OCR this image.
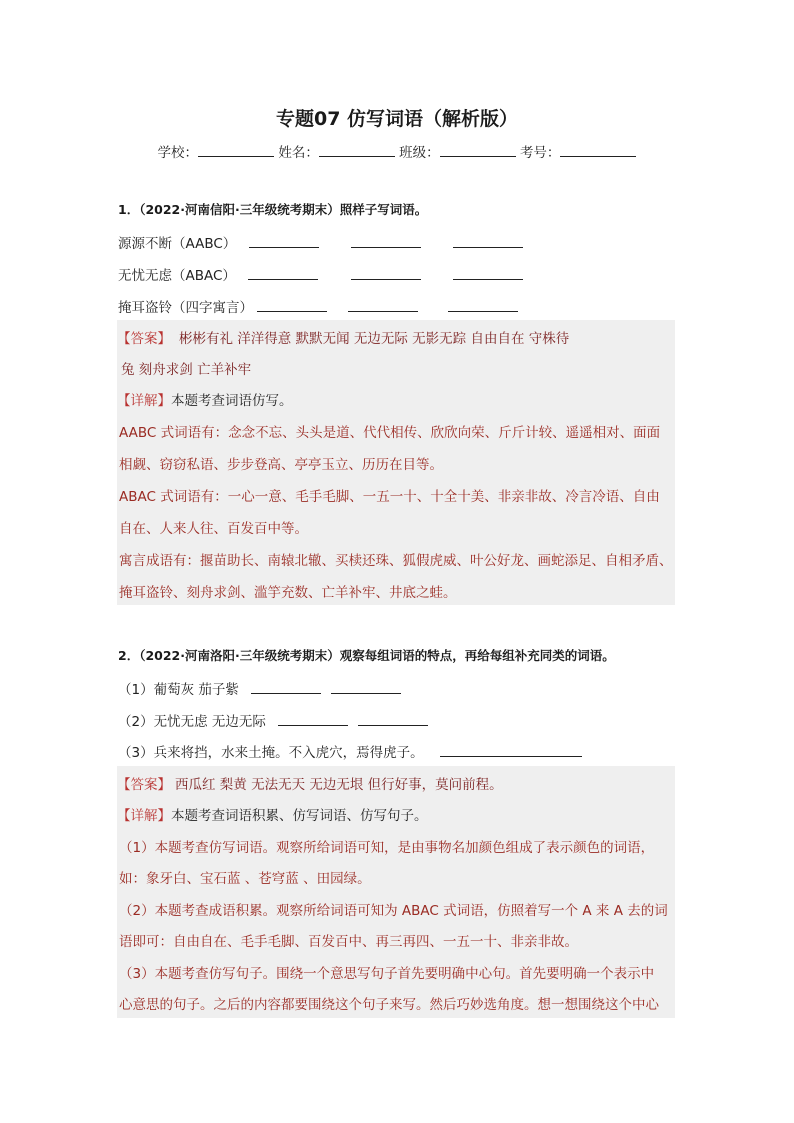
专题07 仿写词语（解析版）
学校：	姓名：	班级：	考号：
1．（2022·河南信阳·三年级统考期末）照样子写词语。
源源不断（AABC）
无忧无虑（ABAC）
掩耳盗铃（四字寓言）
【答案】 彬彬有礼 洋洋得意 默默无闻 无边无际 无影无踪 自由自在 守株待
兔 刻舟求剑 亡羊补牢
【详解】本题考查词语仿写。
AABC 式词语有：念念不忘、头头是道、代代相传、欣欣向荣、斤斤计较、遥遥相对、面面
相觑、窃窃私语、步步登高、亭亭玉立、历历在目等。
ABAC 式词语有：一心一意、毛手毛脚、一五一十、十全十美、非亲非故、冷言冷语、自由
自在、人来人往、百发百中等。
寓言成语有：揠苗助长、南辕北辙、买椟还珠、狐假虎威、叶公好龙、画蛇添足、自相矛盾、
掩耳盗铃、刻舟求剑、滥竽充数、亡羊补牢、井底之蛙。
2．（2022·河南洛阳·三年级统考期末）观察每组词语的特点，再给每组补充同类的词语。
（1）葡萄灰 茄子紫
（2）无忧无虑 无边无际
（3）兵来将挡，水来土掩。不入虎穴，焉得虎子。
【答案】 西瓜红 梨黄 无法无天 无边无垠 但行好事，莫问前程。
【详解】本题考查词语积累、仿写词语、仿写句子。
（1）本题考查仿写词语。观察所给词语可知，是由事物名加颜色组成了表示颜色的词语，
如：象牙白、宝石蓝 、苍穹蓝 、田园绿。
（2）本题考查成语积累。观察所给词语可知为 ABAC 式词语，仿照着写一个 A 来 A 去的词
语即可：自由自在、毛手毛脚、百发百中、再三再四、一五一十、非亲非故。
（3）本题考查仿写句子。围绕一个意思写句子首先要明确中心句。首先要明确一个表示中
心意思的句子。之后的内容都要围绕这个句子来写。然后巧妙选角度。想一想围绕这个中心
